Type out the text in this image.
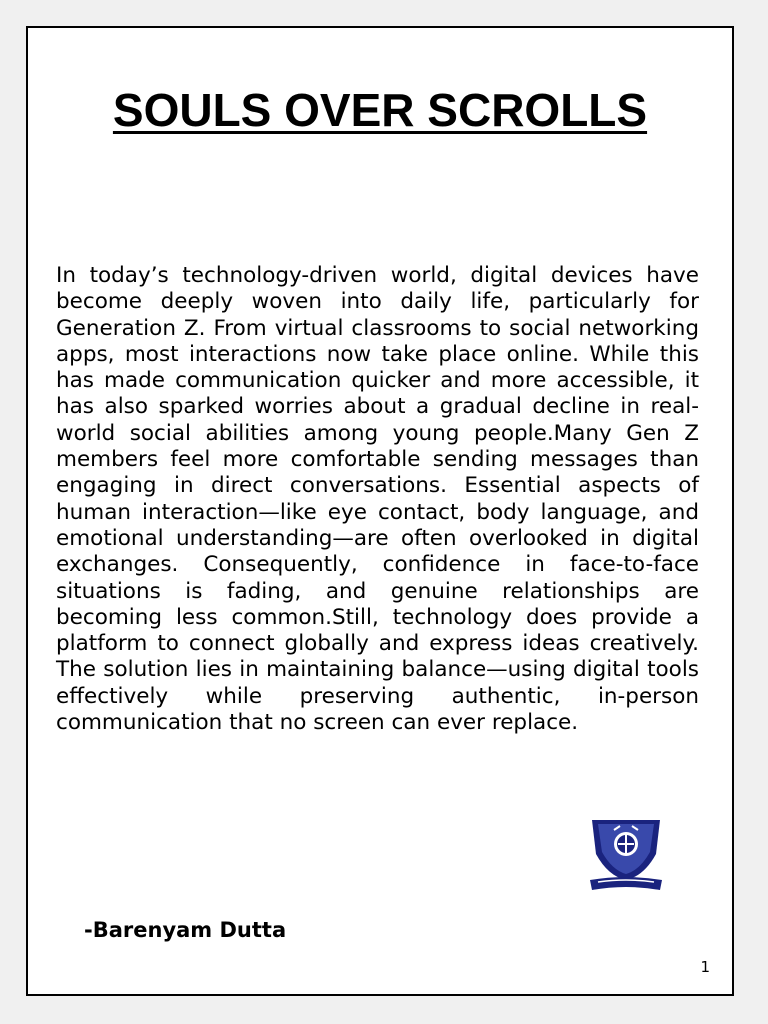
SOULS OVER SCROLLS

In today’s technology-driven world, digital devices have become deeply woven into daily life, particularly for Generation Z. From virtual classrooms to social networking apps, most interactions now take place online. While this has made communication quicker and more accessible, it has also sparked worries about a gradual decline in real-world social abilities among young people.Many Gen Z members feel more comfortable sending messages than engaging in direct conversations. Essential aspects of human interaction—like eye contact, body language, and emotional understanding—are often overlooked in digital exchanges. Consequently, confidence in face-to-face situations is fading, and genuine relationships are becoming less common.Still, technology does provide a platform to connect globally and express ideas creatively. The solution lies in maintaining balance—using digital tools effectively while preserving authentic, in-person communication that no screen can ever replace.

-Barenyam Dutta
1
